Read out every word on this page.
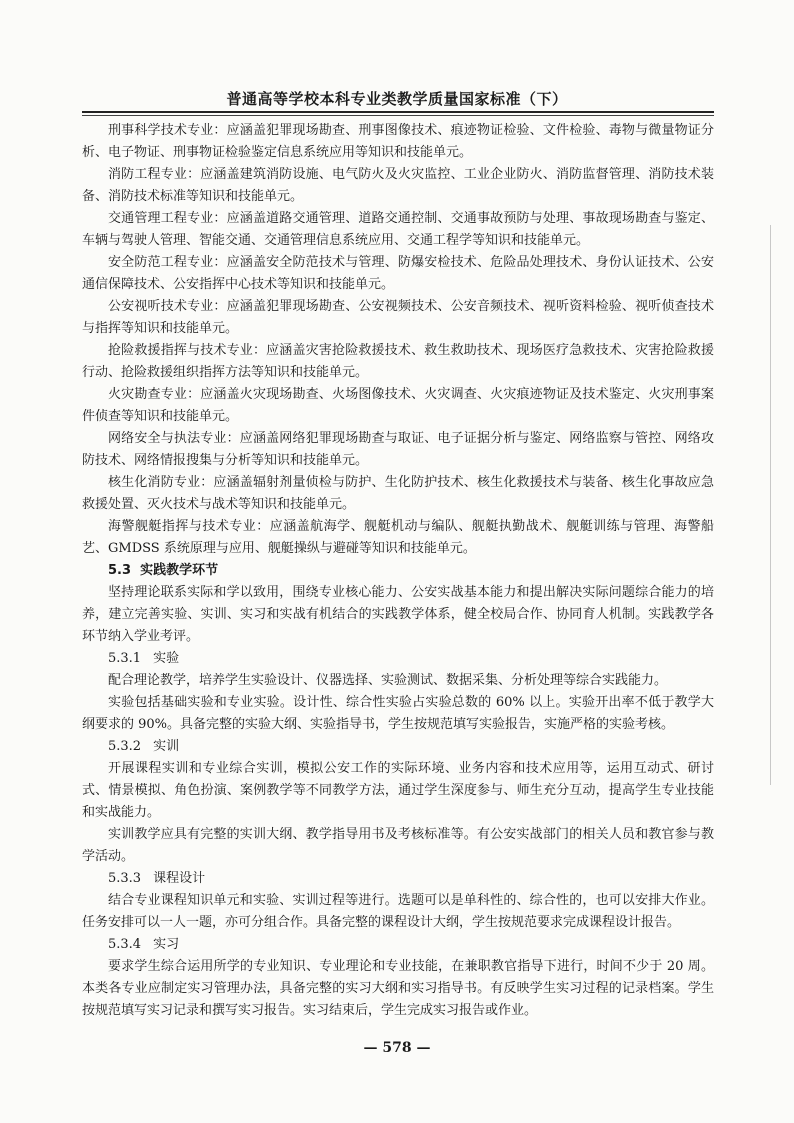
普通高等学校本科专业类教学质量国家标准（下）

刑事科学技术专业：应涵盖犯罪现场勘查、刑事图像技术、痕迹物证检验、文件检验、毒物与微量物证分析、电子物证、刑事物证检验鉴定信息系统应用等知识和技能单元。

消防工程专业：应涵盖建筑消防设施、电气防火及火灾监控、工业企业防火、消防监督管理、消防技术装备、消防技术标准等知识和技能单元。

交通管理工程专业：应涵盖道路交通管理、道路交通控制、交通事故预防与处理、事故现场勘查与鉴定、车辆与驾驶人管理、智能交通、交通管理信息系统应用、交通工程学等知识和技能单元。

安全防范工程专业：应涵盖安全防范技术与管理、防爆安检技术、危险品处理技术、身份认证技术、公安通信保障技术、公安指挥中心技术等知识和技能单元。

公安视听技术专业：应涵盖犯罪现场勘查、公安视频技术、公安音频技术、视听资料检验、视听侦查技术与指挥等知识和技能单元。

抢险救援指挥与技术专业：应涵盖灾害抢险救援技术、救生救助技术、现场医疗急救技术、灾害抢险救援行动、抢险救援组织指挥方法等知识和技能单元。

火灾勘查专业：应涵盖火灾现场勘查、火场图像技术、火灾调查、火灾痕迹物证及技术鉴定、火灾刑事案件侦查等知识和技能单元。

网络安全与执法专业：应涵盖网络犯罪现场勘查与取证、电子证据分析与鉴定、网络监察与管控、网络攻防技术、网络情报搜集与分析等知识和技能单元。

核生化消防专业：应涵盖辐射剂量侦检与防护、生化防护技术、核生化救援技术与装备、核生化事故应急救援处置、灭火技术与战术等知识和技能单元。

海警舰艇指挥与技术专业：应涵盖航海学、舰艇机动与编队、舰艇执勤战术、舰艇训练与管理、海警船艺、GMDSS 系统原理与应用、舰艇操纵与避碰等知识和技能单元。

5.3 实践教学环节

坚持理论联系实际和学以致用，围绕专业核心能力、公安实战基本能力和提出解决实际问题综合能力的培养，建立完善实验、实训、实习和实战有机结合的实践教学体系，健全校局合作、协同育人机制。实践教学各环节纳入学业考评。

5.3.1 实验

配合理论教学，培养学生实验设计、仪器选择、实验测试、数据采集、分析处理等综合实践能力。

实验包括基础实验和专业实验。设计性、综合性实验占实验总数的 60% 以上。实验开出率不低于教学大纲要求的 90%。具备完整的实验大纲、实验指导书，学生按规范填写实验报告，实施严格的实验考核。

5.3.2 实训

开展课程实训和专业综合实训，模拟公安工作的实际环境、业务内容和技术应用等，运用互动式、研讨式、情景模拟、角色扮演、案例教学等不同教学方法，通过学生深度参与、师生充分互动，提高学生专业技能和实战能力。

实训教学应具有完整的实训大纲、教学指导用书及考核标准等。有公安实战部门的相关人员和教官参与教学活动。

5.3.3 课程设计

结合专业课程知识单元和实验、实训过程等进行。选题可以是单科性的、综合性的，也可以安排大作业。任务安排可以一人一题，亦可分组合作。具备完整的课程设计大纲，学生按规范要求完成课程设计报告。

5.3.4 实习

要求学生综合运用所学的专业知识、专业理论和专业技能，在兼职教官指导下进行，时间不少于 20 周。本类各专业应制定实习管理办法，具备完整的实习大纲和实习指导书。有反映学生实习过程的记录档案。学生按规范填写实习记录和撰写实习报告。实习结束后，学生完成实习报告或作业。

— 578 —
